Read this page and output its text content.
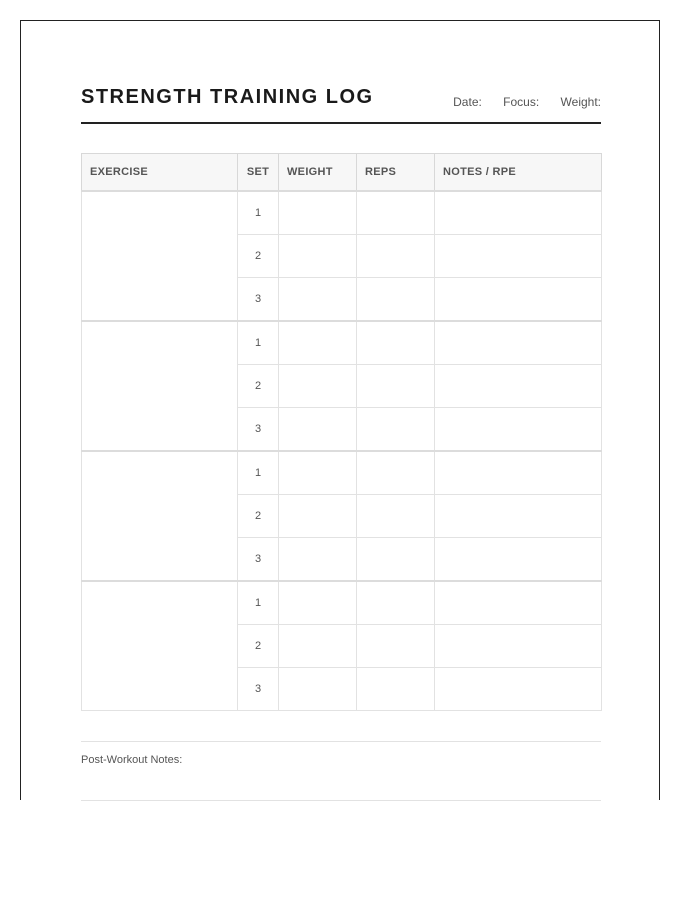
STRENGTH TRAINING LOG	Date: Focus: Weight:
EXERCISE	SET	WEIGHT	REPS	NOTES / RPE
	1			
	2			
	3			
	1			
	2			
	3			
	1			
	2			
	3			
	1			
	2			
	3			
Post-Workout Notes:
